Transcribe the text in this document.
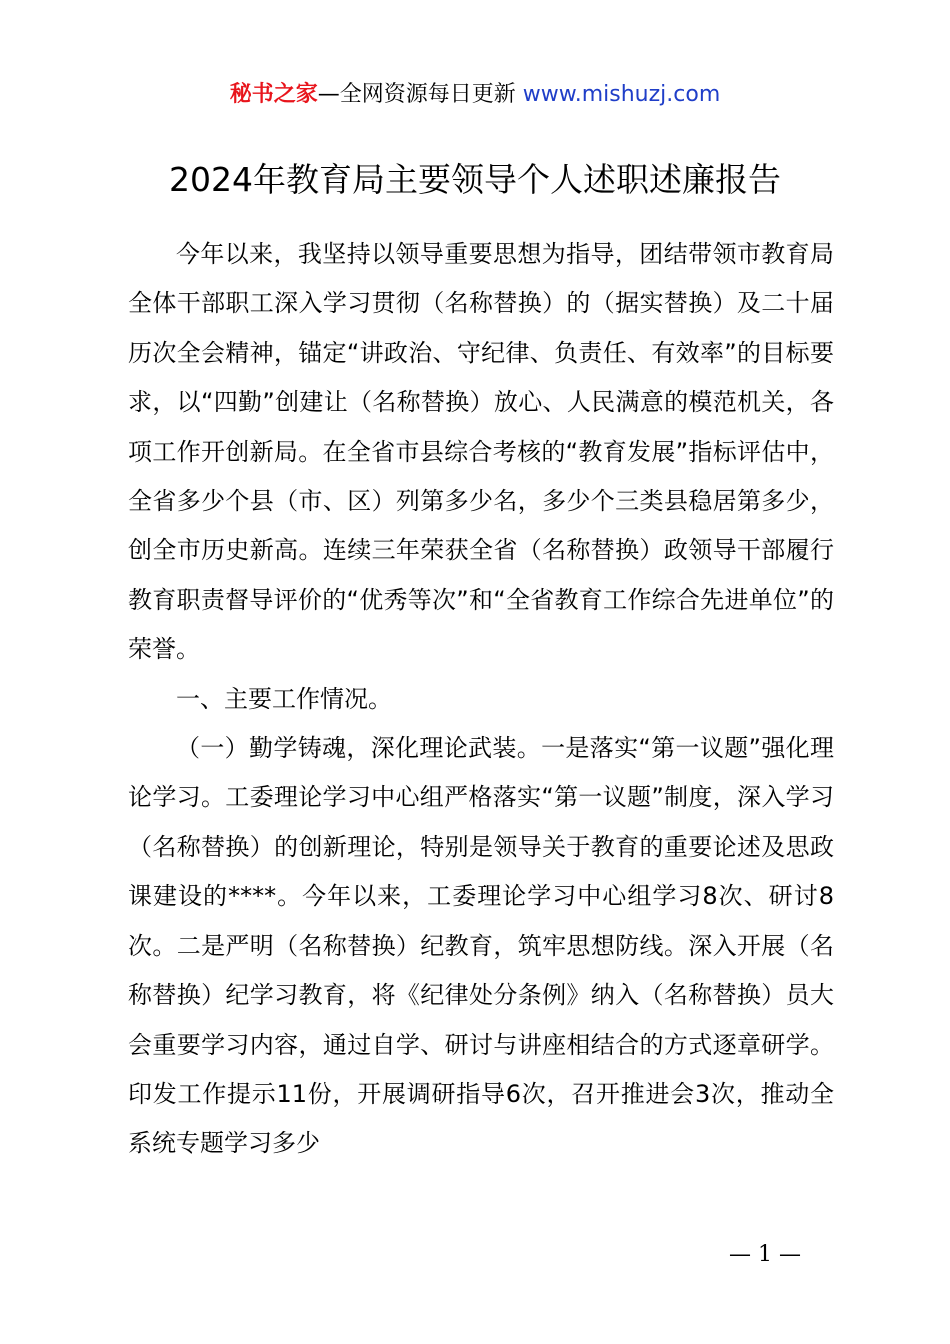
秘书之家—全网资源每日更新 www.mishuzj.com
2024年教育局主要领导个人述职述廉报告

今年以来，我坚持以领导重要思想为指导，团结带领市教育局全体干部职工深入学习贯彻（名称替换）的（据实替换）及二十届历次全会精神，锚定“讲政治、守纪律、负责任、有效率”的目标要求，以“四勤”创建让（名称替换）放心、人民满意的模范机关，各项工作开创新局。在全省市县综合考核的“教育发展”指标评估中，全省多少个县（市、区）列第多少名，多少个三类县稳居第多少，创全市历史新高。连续三年荣获全省（名称替换）政领导干部履行教育职责督导评价的“优秀等次”和“全省教育工作综合先进单位”的荣誉。

一、主要工作情况。

（一）勤学铸魂，深化理论武装。一是落实“第一议题”强化理论学习。工委理论学习中心组严格落实“第一议题”制度，深入学习（名称替换）的创新理论，特别是领导关于教育的重要论述及思政课建设的****。今年以来，工委理论学习中心组学习8次、研讨8次。二是严明（名称替换）纪教育，筑牢思想防线。深入开展（名称替换）纪学习教育，将《纪律处分条例》纳入（名称替换）员大会重要学习内容，通过自学、研讨与讲座相结合的方式逐章研学。印发工作提示11份，开展调研指导6次，召开推进会3次，推动全系统专题学习多少

— 1 —
